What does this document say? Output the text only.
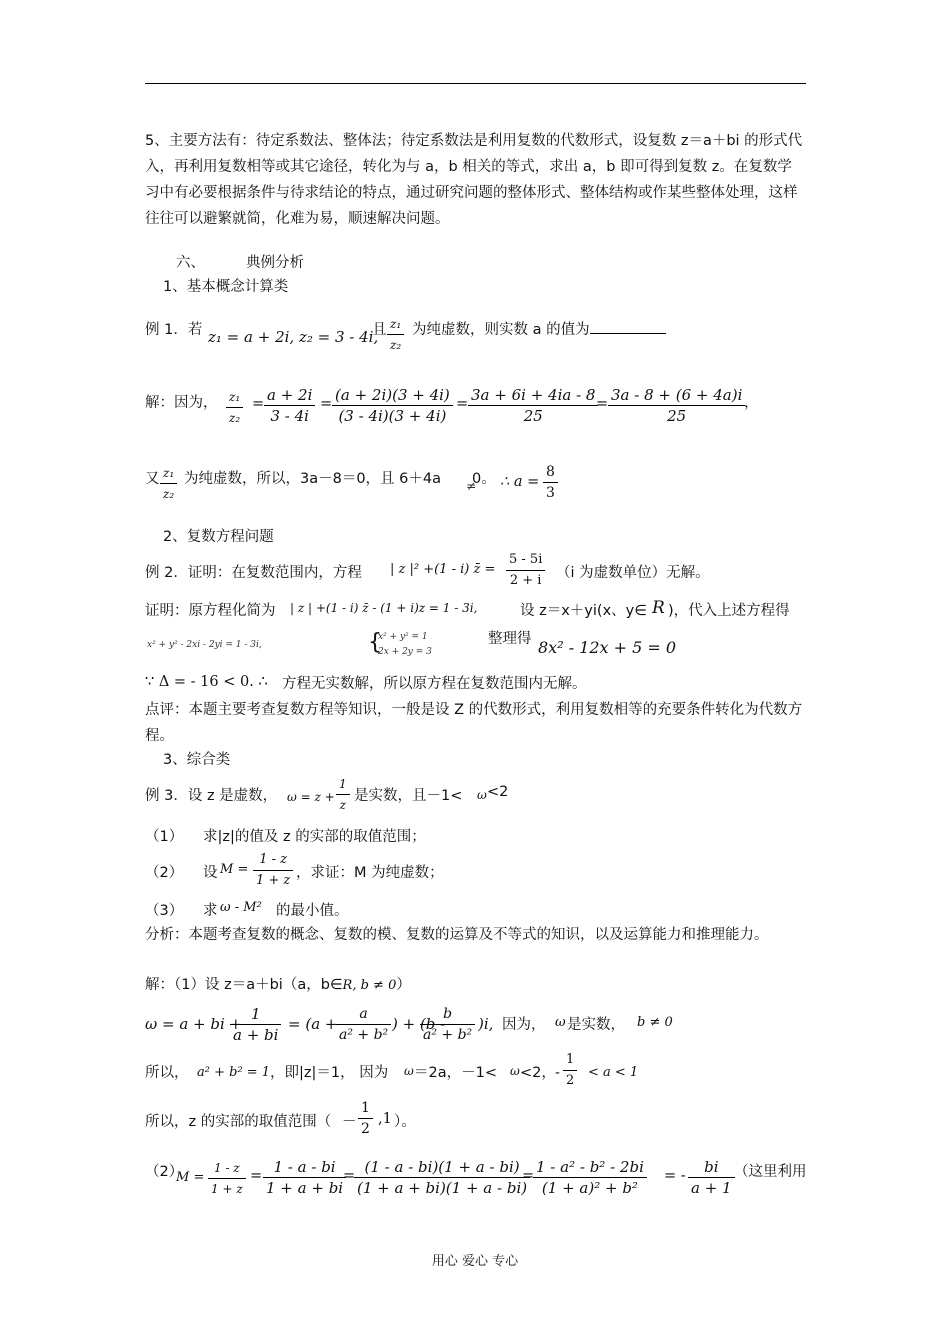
5、主要方法有：待定系数法、整体法；待定系数法是利用复数的代数形式，设复数 z＝a＋bi 的形式代入，再利用复数相等或其它途径，转化为与 a，b 相关的等式，求出 a，b 即可得到复数 z。在复数学习中有必要根据条件与待求结论的特点，通过研究问题的整体形式、整体结构或作某些整体处理，这样往往可以避繁就简，化难为易，顺速解决问题。
六、	典例分析
1、基本概念计算类
例 1．若 z₁ = a + 2i, z₂ = 3 - 4i,
且 $\frac{\text{z₁}}{\text{z₂}}$ 为纯虚数，则实数 a 的值为
解：因为， $\frac{\text{z₁}}{\text{z₂}} = \frac{a + 2i}{3 - 4i} = \frac{(a + 2i)(3 + 4i)}{(3 - 4i)(3 + 4i)} = \frac{3a + 6i + 4ia - 8}{25}$
= $\frac{3a - 8 + (6 + 4a)i}{25}$
，
又 $\frac{\text{z₁}}{\text{z₂}}$ 为纯虚数，所以，3a－8＝0，且 6＋4a ≠
0。 ∴ $a = \frac{8}{3}$
2、复数方程问题
例 2．证明：在复数范围内，方程 | z |² +(1 - i) z̄ = $\frac{5 - 5i}{2 + i} (i$ 为虚数单位）无解。
证明：原方程化简为 | z | +(1 - i) z̄ - (1 + i)z = 1 - 3i,	设 z＝x＋yi(x、y∈ R )，代入上述方程得
x² + y² - 2xi - 2yi = 1 - 3i,	{
x² + y² = 1
2x + 2y = 3
整理得 8x² - 12x + 5 = 0
∵ Δ = - 16 < 0. ∴ 方程无实数解，所以原方程在复数范围内无解。
点评：本题主要考查复数方程等知识，一般是设 Z 的代数形式，利用复数相等的充要条件转化为代数方程。
3、综合类
例 3．设 z 是虚数， $\omega = z + \frac{1}{z}$ 是实数，且－1< ω <2
（1） 求|z|的值及 z 的实部的取值范围；
（2） 设 $M = \frac{1 - z}{1 + z}$ ，求证：M 为纯虚数；
（3） 求 ω - M² 的最小值。
分析：本题考查复数的概念、复数的模、复数的运算及不等式的知识，以及运算能力和推理能力。
解：（1）设 z＝a＋bi（a，b∈R, b ≠ 0）
ω = a + bi +
$\frac{1}{a + bi} = (a$ +
$\frac{a}{\text{a² + b²}}$ ) + (b -
$\frac{b}{\text{a² + b²}} )i$, 因为， ω 是实数， b ≠ 0
所以， a² + b² = 1 ，即|z|＝1， 因为 ω ＝2a，－1< ω <2， - $\frac{1}{2} < a < 1$
所以，z 的实部的取值范围（ － $\frac{1}{2} ,1$ ）。
（2）
$M = \frac{1 - z}{1 + z} = \frac{1 - a - bi}{1 + a + bi}$
=
$\frac{(1 - a - bi)(1 + a - bi)}{(1 + a + bi)(1 + a - bi)}$
=
$\frac{\text{1 - a² - b² - 2bi}}{\text{(1 + a)² + b²}}$ = - $\frac{bi}{a + 1}$ （这里利用
用心 爱心 专心
